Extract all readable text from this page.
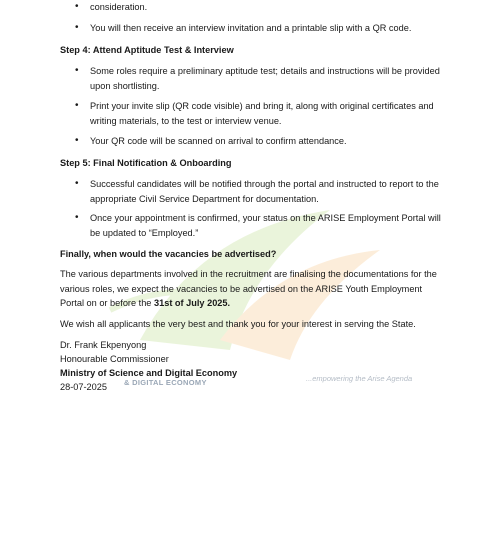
& DIGITAL ECONOMY	...empowering the Arise Agenda
• consideration.
• You will then receive an interview invitation and a printable slip with a QR code.
Step 4: Attend Aptitude Test & Interview
• Some roles require a preliminary aptitude test; details and instructions will be provided upon shortlisting.
• Print your invite slip (QR code visible) and bring it, along with original certificates and writing materials, to the test or interview venue.
• Your QR code will be scanned on arrival to confirm attendance.
Step 5: Final Notification & Onboarding
• Successful candidates will be notified through the portal and instructed to report to the appropriate Civil Service Department for documentation.
• Once your appointment is confirmed, your status on the ARISE Employment Portal will be updated to “Employed.”
Finally, when would the vacancies be advertised?
The various departments involved in the recruitment are finalising the documentations for the various roles, we expect the vacancies to be advertised on the ARISE Youth Employment Portal on or before the 31st of July 2025.
We wish all applicants the very best and thank you for your interest in serving the State.
Dr. Frank Ekpenyong
Honourable Commissioner
Ministry of Science and Digital Economy
28-07-2025
